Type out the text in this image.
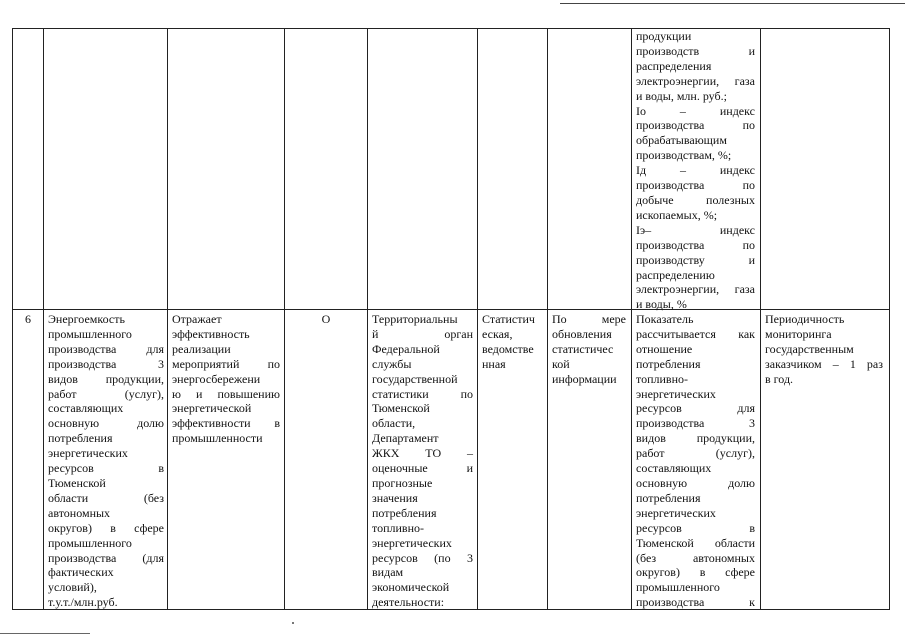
продукции
производств и
распределения
электроэнергии, газа
и воды, млн. руб.;
Iо – индекс
производства по
обрабатывающим
производствам, %;
Iд – индекс
производства по
добыче полезных
ископаемых, %;
Iэ– индекс
производства по
производству и
распределению
электроэнергии, газа
и воды, %
6	Энергоемкость
промышленного
производства для
производства 3
видов продукции,
работ (услуг),
составляющих
основную долю
потребления
энергетических
ресурсов в
Тюменской
области (без
автономных
округов) в сфере
промышленного
производства (для
фактических
условий),
т.у.т./млн.руб.
Отражает
эффективность
реализации
мероприятий по
энергосбережени
ю и повышению
энергетической
эффективности в
промышленности
О	Территориальны
й орган
Федеральной
службы
государственной
статистики по
Тюменской
области,
Департамент
ЖКХ ТО –
оценочные и
прогнозные
значения
потребления
топливно-
энергетических
ресурсов (по 3
видам
экономической
деятельности:
Статистич
еская,
ведомстве
нная
По мере
обновления
статистичес
кой
информации
Показатель
рассчитывается как
отношение
потребления
топливно-
энергетических
ресурсов для
производства 3
видов продукции,
работ (услуг),
составляющих
основную долю
потребления
энергетических
ресурсов в
Тюменской области
(без автономных
округов) в сфере
промышленного
производства к
Периодичность
мониторинга
государственным
заказчиком – 1 раз
в год.
